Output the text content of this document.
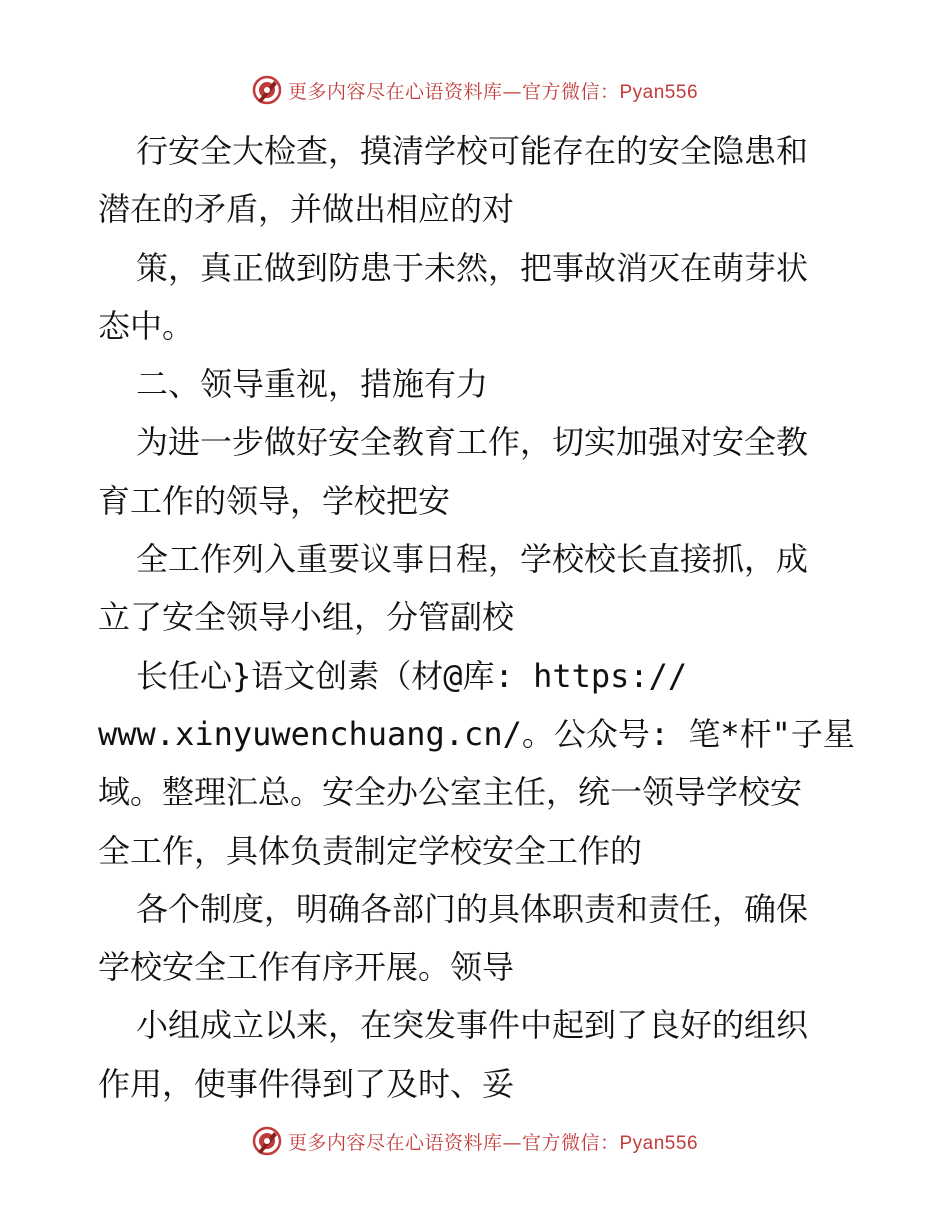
更多内容尽在心语资料库—官方微信：Pyan556
行安全大检查，摸清学校可能存在的安全隐患和
潜在的矛盾，并做出相应的对
策，真正做到防患于未然，把事故消灭在萌芽状
态中。
二、领导重视，措施有力
为进一步做好安全教育工作，切实加强对安全教
育工作的领导，学校把安
全工作列入重要议事日程，学校校长直接抓，成
立了安全领导小组，分管副校
长任心}语文创素（材@库: https://
www.xinyuwenchuang.cn/。公众号: 笔*杆"子星
域。整理汇总。安全办公室主任，统一领导学校安
全工作，具体负责制定学校安全工作的
各个制度，明确各部门的具体职责和责任，确保
学校安全工作有序开展。领导
小组成立以来，在突发事件中起到了良好的组织
作用，使事件得到了及时、妥
更多内容尽在心语资料库—官方微信：Pyan556
